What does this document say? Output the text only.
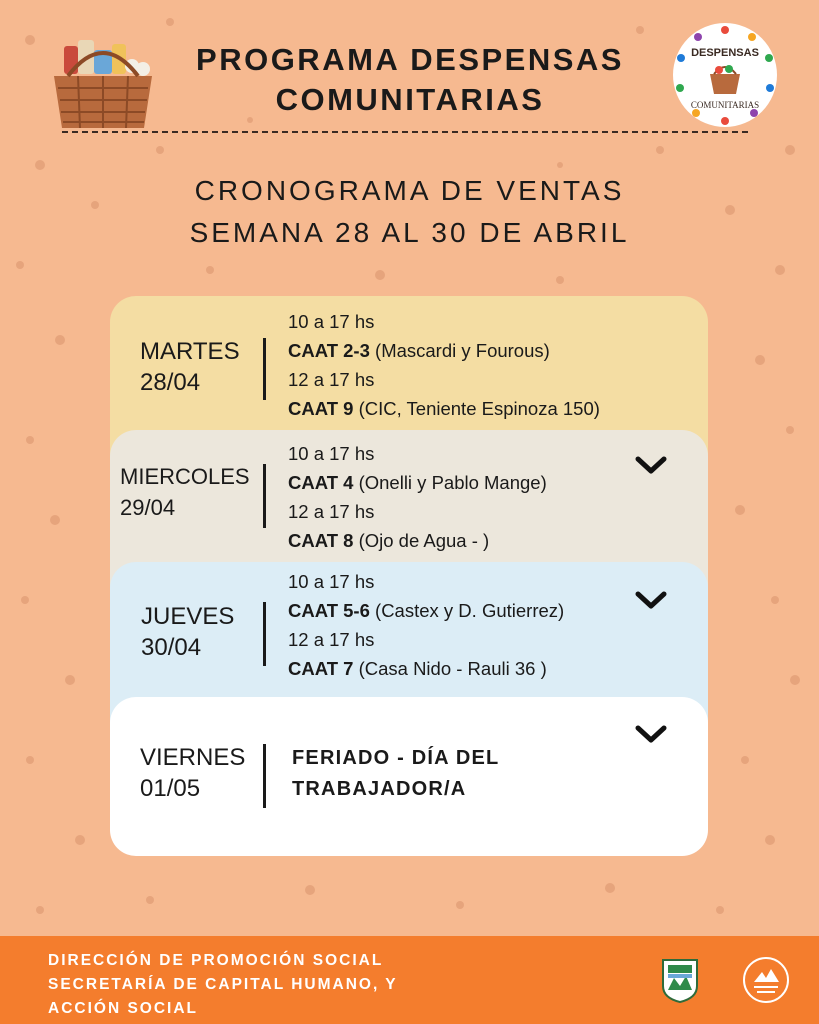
PROGRAMA DESPENSAS
COMUNITARIAS
DESPENSAS
COMUNITARIAS
CRONOGRAMA DE VENTAS
SEMANA 28 AL 30 DE ABRIL
MARTES
28/04
10 a 17 hs
CAAT 2-3 (Mascardi y Fourous)
12 a 17 hs
CAAT 9 (CIC, Teniente Espinoza 150)
MIERCOLES
29/04
10 a 17 hs
CAAT 4 (Onelli y Pablo Mange)
12 a 17 hs
CAAT 8 (Ojo de Agua - )
JUEVES
30/04
10 a 17 hs
CAAT 5-6 (Castex y D. Gutierrez)
12 a 17 hs
CAAT 7 (Casa Nido - Rauli 36 )
VIERNES
01/05
FERIADO - DÍA DEL
TRABAJADOR/A
DIRECCIÓN DE PROMOCIÓN SOCIAL
SECRETARÍA DE CAPITAL HUMANO, Y
ACCIÓN SOCIAL
